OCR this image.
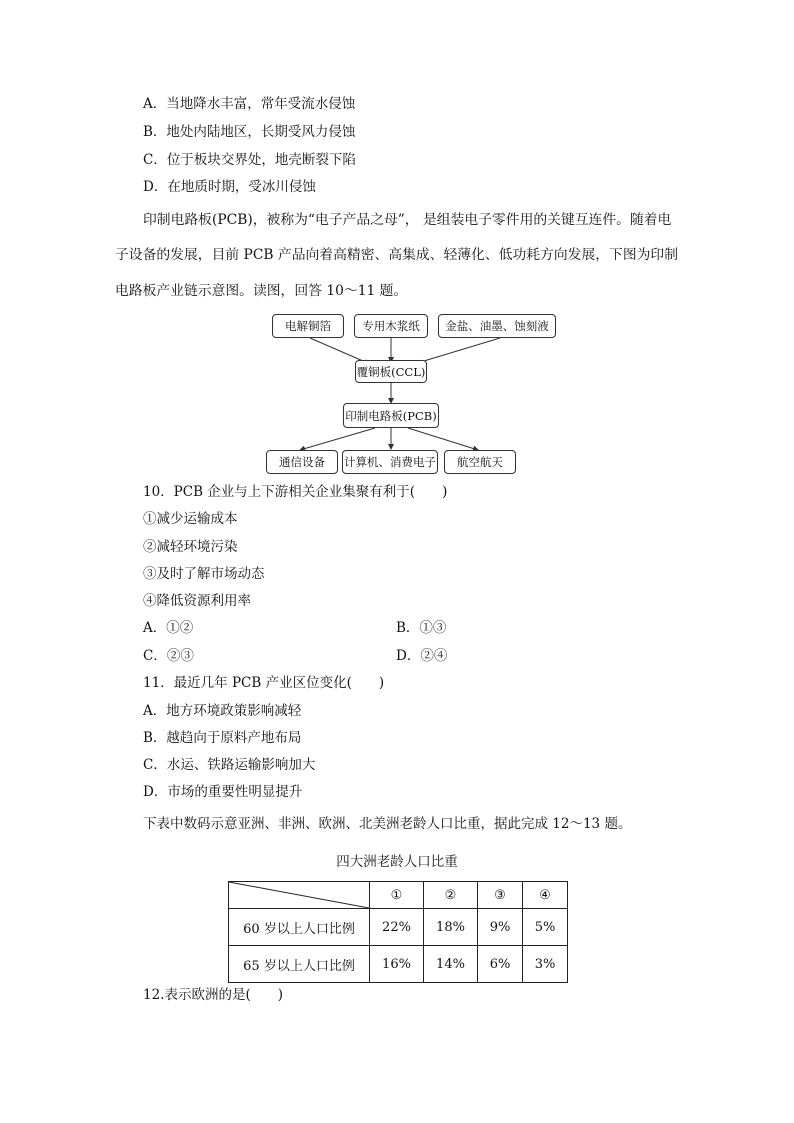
A．当地降水丰富，常年受流水侵蚀
B．地处内陆地区，长期受风力侵蚀
C．位于板块交界处，地壳断裂下陷
D．在地质时期，受冰川侵蚀
印制电路板(PCB)，被称为“电子产品之母”， 是组装电子零件用的关键互连件。随着电
子设备的发展，目前 PCB 产品向着高精密、高集成、轻薄化、低功耗方向发展，下图为印制
电路板产业链示意图。读图，回答 10～11 题。
电解铜箔	专用木浆纸	金盐、油墨、蚀刻液
覆铜板(CCL)
印制电路板(PCB)
通信设备	计算机、消费电子	航空航天
10．PCB 企业与上下游相关企业集聚有利于(　　)
①减少运输成本
②减轻环境污染
③及时了解市场动态
④降低资源利用率
A．①②	B．①③
C．②③	D．②④
11．最近几年 PCB 产业区位变化(　　)
A．地方环境政策影响减轻
B．越趋向于原料产地布局
C．水运、铁路运输影响加大
D．市场的重要性明显提升
下表中数码示意亚洲、非洲、欧洲、北美洲老龄人口比重，据此完成 12～13 题。
四大洲老龄人口比重
	①	②	③	④
60 岁以上人口比例	22%	18%	9%	5%
65 岁以上人口比例	16%	14%	6%	3%
12.表示欧洲的是(　　)
